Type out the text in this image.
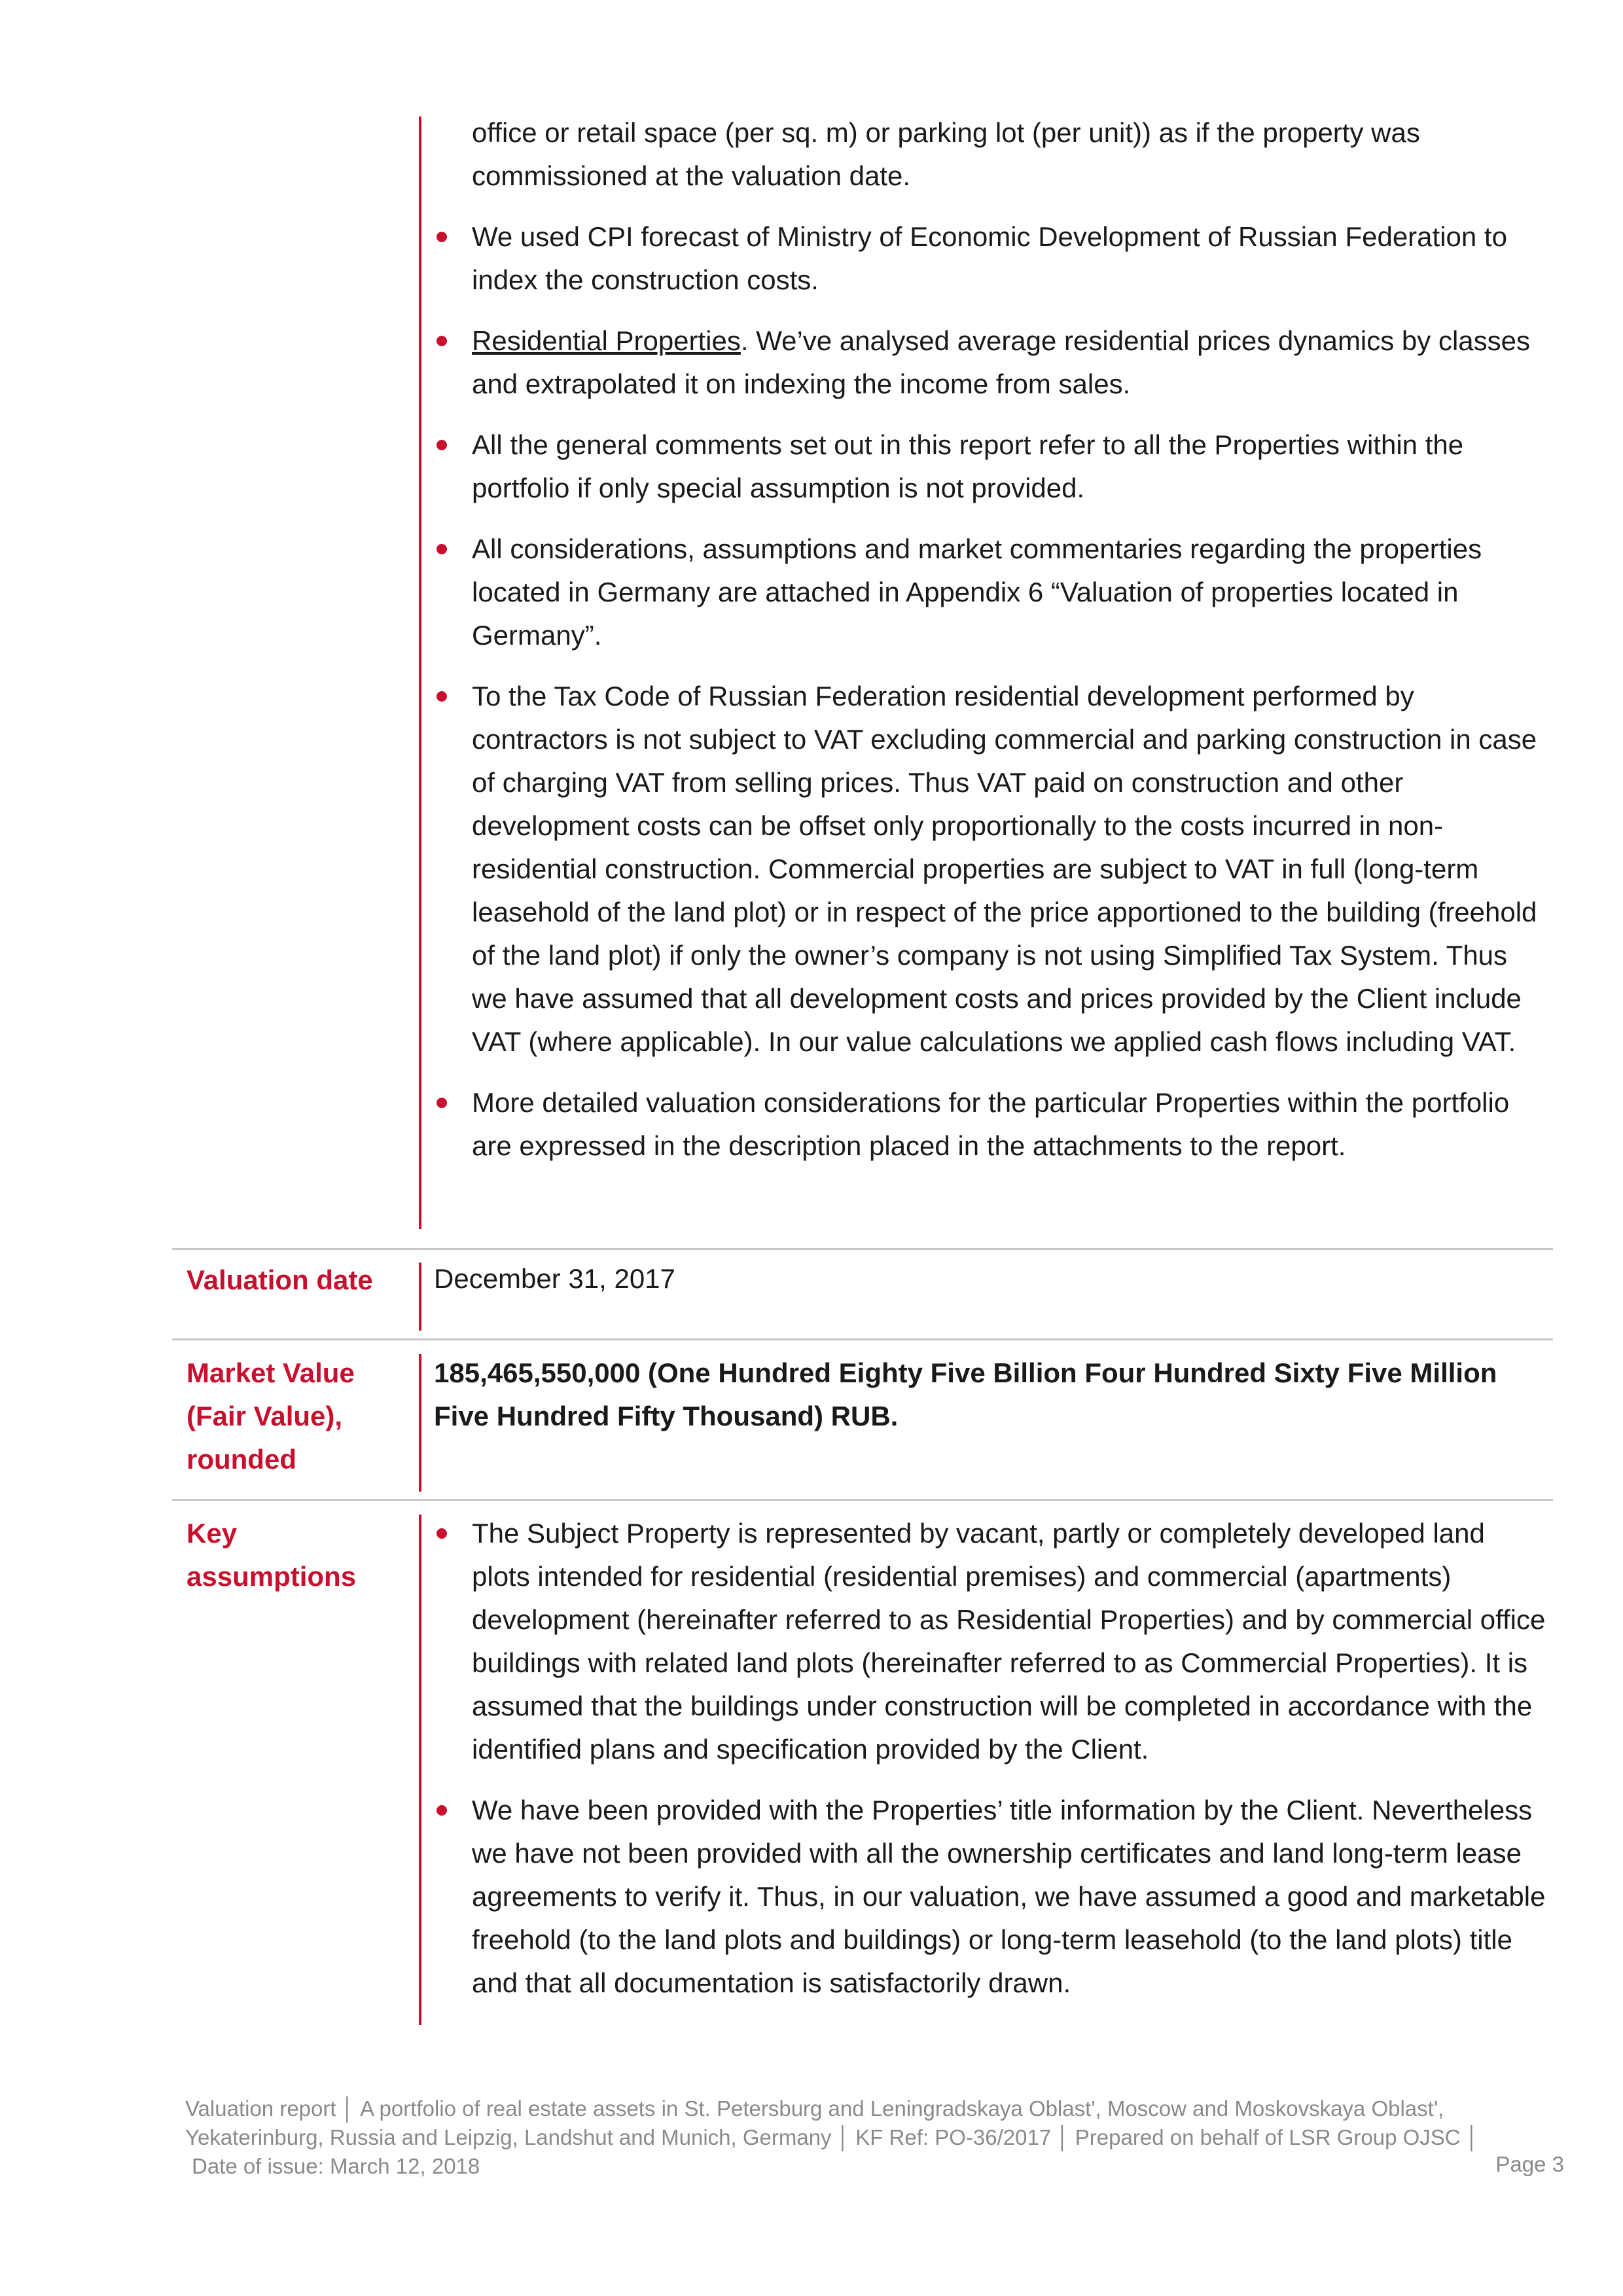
office or retail space (per sq. m) or parking lot (per unit)) as if the property was commissioned at the valuation date.
We used CPI forecast of Ministry of Economic Development of Russian Federation to index the construction costs.
Residential Properties. We’ve analysed average residential prices dynamics by classes and extrapolated it on indexing the income from sales.
All the general comments set out in this report refer to all the Properties within the portfolio if only special assumption is not provided.
All considerations, assumptions and market commentaries regarding the properties located in Germany are attached in Appendix 6 “Valuation of properties located in Germany”.
To the Tax Code of Russian Federation residential development performed by contractors is not subject to VAT excluding commercial and parking construction in case of charging VAT from selling prices. Thus VAT paid on construction and other development costs can be offset only proportionally to the costs incurred in non-residential construction. Commercial properties are subject to VAT in full (long-term leasehold of the land plot) or in respect of the price apportioned to the building (freehold of the land plot) if only the owner’s company is not using Simplified Tax System. Thus we have assumed that all development costs and prices provided by the Client include VAT (where applicable). In our value calculations we applied cash flows including VAT.
More detailed valuation considerations for the particular Properties within the portfolio are expressed in the description placed in the attachments to the report.
Valuation date	December 31, 2017
Market Value (Fair Value), rounded
185,465,550,000 (One Hundred Eighty Five Billion Four Hundred Sixty Five Million Five Hundred Fifty Thousand) RUB.
Key assumptions
The Subject Property is represented by vacant, partly or completely developed land plots intended for residential (residential premises) and commercial (apartments) development (hereinafter referred to as Residential Properties) and by commercial office buildings with related land plots (hereinafter referred to as Commercial Properties). It is assumed that the buildings under construction will be completed in accordance with the identified plans and specification provided by the Client.
We have been provided with the Properties’ title information by the Client. Nevertheless we have not been provided with all the ownership certificates and land long-term lease agreements to verify it. Thus, in our valuation, we have assumed a good and marketable freehold (to the land plots and buildings) or long-term leasehold (to the land plots) title and that all documentation is satisfactorily drawn.
Valuation report │ A portfolio of real estate assets in St. Petersburg and Leningradskaya Oblast', Moscow and Moskovskaya Oblast',
Yekaterinburg, Russia and Leipzig, Landshut and Munich, Germany │ KF Ref: PO-36/2017 │ Prepared on behalf of LSR Group OJSC │
Date of issue: March 12, 2018	Page 3
